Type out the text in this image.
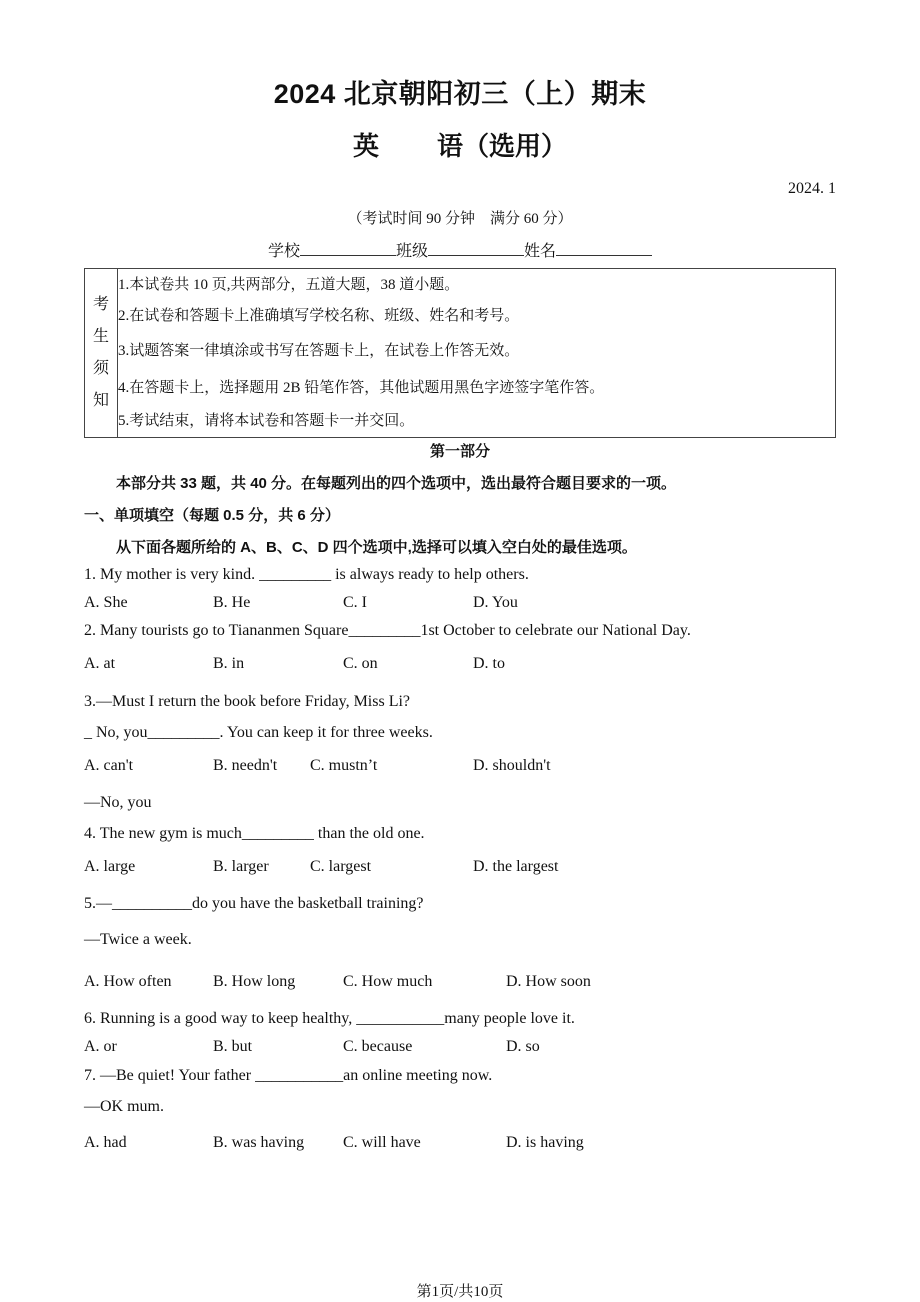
2024 北京朝阳初三（上）期末
英 语（选用）
2024. 1
（考试时间 90 分钟　满分 60 分）
学校	班级	姓名
考
生
须
知
1.本试卷共 10 页,共两部分，五道大题，38 道小题。
2.在试卷和答题卡上准确填写学校名称、班级、姓名和考号。
3.试题答案一律填涂或书写在答题卡上，在试卷上作答无效。
4.在答题卡上，选择题用 2B 铅笔作答，其他试题用黑色字迹签字笔作答。
5.考试结束，请将本试卷和答题卡一并交回。
第一部分
本部分共 33 题，共 40 分。在每题列出的四个选项中，选出最符合题目要求的一项。
一、单项填空（每题 0.5 分，共 6 分）
从下面各题所给的 A、B、C、D 四个选项中,选择可以填入空白处的最佳选项。
1. My mother is very kind. _________ is always ready to help others.
A. She	B. He	C. I	D. You
2. Many tourists go to Tiananmen Square_________1st October to celebrate our National Day.
A. at	B. in	C. on	D. to
3.—Must I return the book before Friday, Miss Li?
_ No, you_________. You can keep it for three weeks.
A. can't	B. needn't C. mustn’t	D. shouldn't
—No, you
4. The new gym is much_________ than the old one.
A. large	B. larger	C. largest	D. the largest
5.—__________do you have the basketball training?
—Twice a week.
A. How often	B. How long	C. How much	D. How soon
6. Running is a good way to keep healthy, ___________many people love it.
A. or	B. but	C. because	D. so
7. —Be quiet! Your father ___________an online meeting now.
—OK mum.
A. had	B. was having C. will have	D. is having
第1页/共10页
